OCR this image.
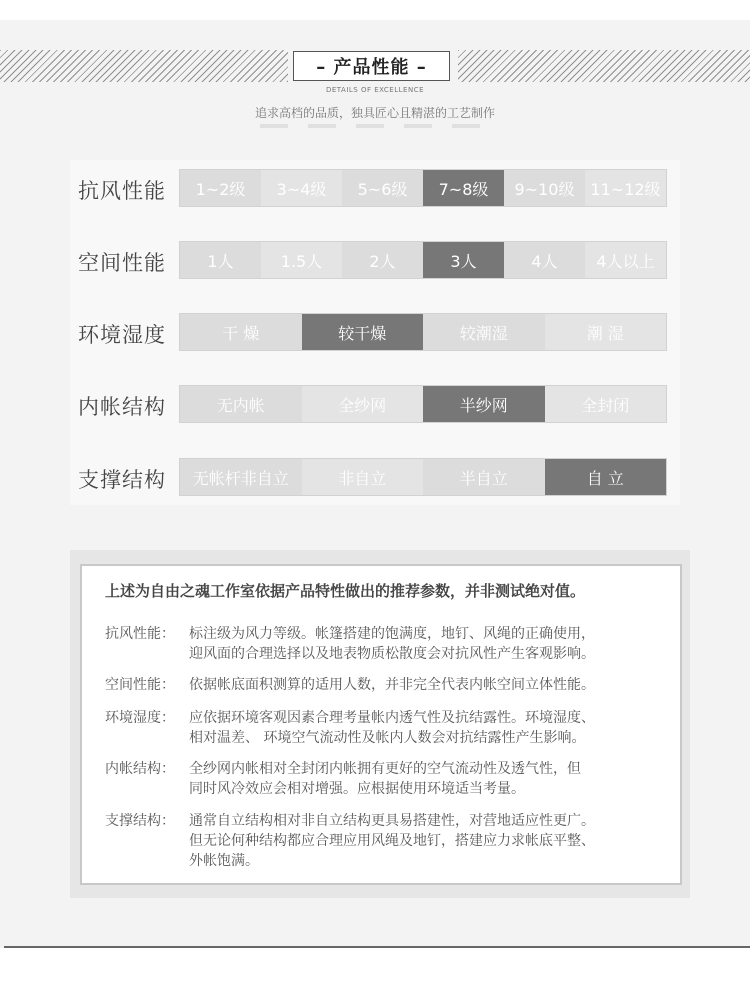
– 产品性能 –
DETAILS OF EXCELLENCE
追求高档的品质，独具匠心且精湛的工艺制作
抗风性能	1~2级	3~4级	5~6级	7~8级	9~10级 11~12级
空间性能	1人	1.5人	2人	3人	4人	4人以上
环境湿度	干 燥	较干燥	较潮湿	潮 湿
内帐结构	无内帐	全纱网	半纱网	全封闭
支撑结构	无帐杆非自立	非自立	半自立	自 立
上述为自由之魂工作室依据产品特性做出的推荐参数，并非测试绝对值。
抗风性能： 标注级为风力等级。帐篷搭建的饱满度，地钉、风绳的正确使用，
迎风面的合理选择以及地表物质松散度会对抗风性产生客观影响。
空间性能： 依据帐底面积测算的适用人数，并非完全代表内帐空间立体性能。
环境湿度： 应依据环境客观因素合理考量帐内透气性及抗结露性。环境湿度、
相对温差、 环境空气流动性及帐内人数会对抗结露性产生影响。
内帐结构： 全纱网内帐相对全封闭内帐拥有更好的空气流动性及透气性，但
同时风冷效应会相对增强。应根据使用环境适当考量。
支撑结构： 通常自立结构相对非自立结构更具易搭建性，对营地适应性更广。
但无论何种结构都应合理应用风绳及地钉，搭建应力求帐底平整、
外帐饱满。
